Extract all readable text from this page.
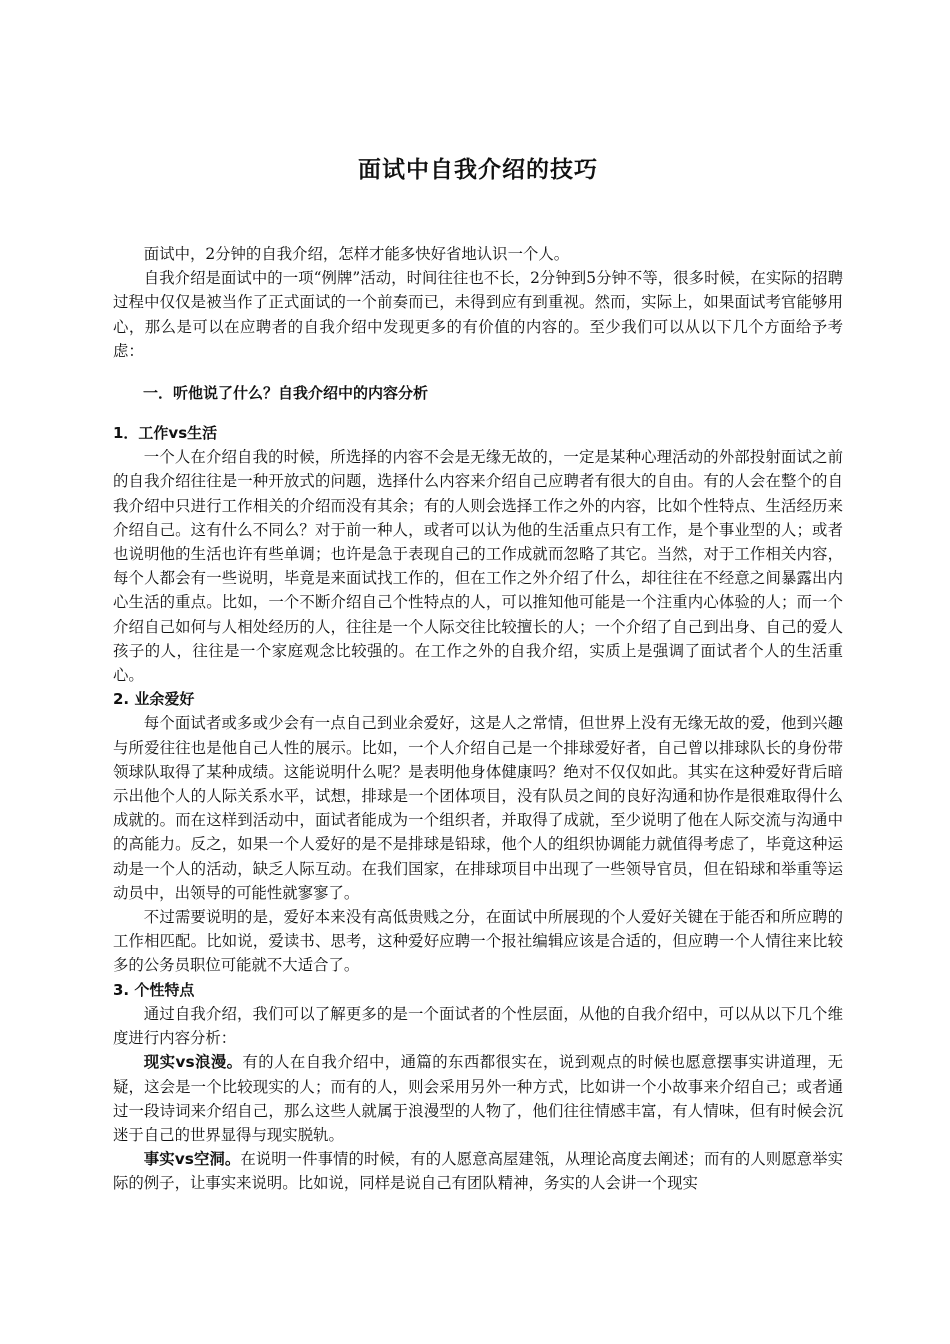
面试中自我介绍的技巧

面试中，2分钟的自我介绍，怎样才能多快好省地认识一个人。

自我介绍是面试中的一项“例牌”活动，时间往往也不长，2分钟到5分钟不等，很多时候，在实际的招聘过程中仅仅是被当作了正式面试的一个前奏而已，未得到应有到重视。然而，实际上，如果面试考官能够用心，那么是可以在应聘者的自我介绍中发现更多的有价值的内容的。至少我们可以从以下几个方面给予考虑：

一．听他说了什么？自我介绍中的内容分析
1．工作vs生活

一个人在介绍自我的时候，所选择的内容不会是无缘无故的，一定是某种心理活动的外部投射面试之前的自我介绍往往是一种开放式的问题，选择什么内容来介绍自己应聘者有很大的自由。有的人会在整个的自我介绍中只进行工作相关的介绍而没有其余；有的人则会选择工作之外的内容，比如个性特点、生活经历来介绍自己。这有什么不同么？对于前一种人，或者可以认为他的生活重点只有工作，是个事业型的人；或者也说明他的生活也许有些单调；也许是急于表现自己的工作成就而忽略了其它。当然，对于工作相关内容，每个人都会有一些说明，毕竟是来面试找工作的，但在工作之外介绍了什么，却往往在不经意之间暴露出内心生活的重点。比如，一个不断介绍自己个性特点的人，可以推知他可能是一个注重内心体验的人；而一个介绍自己如何与人相处经历的人，往往是一个人际交往比较擅长的人；一个介绍了自己到出身、自己的爱人孩子的人，往往是一个家庭观念比较强的。在工作之外的自我介绍，实质上是强调了面试者个人的生活重心。

2. 业余爱好

每个面试者或多或少会有一点自己到业余爱好，这是人之常情，但世界上没有无缘无故的爱，他到兴趣与所爱往往也是他自己人性的展示。比如，一个人介绍自己是一个排球爱好者，自己曾以排球队长的身份带领球队取得了某种成绩。这能说明什么呢？是表明他身体健康吗？绝对不仅仅如此。其实在这种爱好背后暗示出他个人的人际关系水平，试想，排球是一个团体项目，没有队员之间的良好沟通和协作是很难取得什么成就的。而在这样到活动中，面试者能成为一个组织者，并取得了成就，至少说明了他在人际交流与沟通中的高能力。反之，如果一个人爱好的是不是排球是铅球，他个人的组织协调能力就值得考虑了，毕竟这种运动是一个人的活动，缺乏人际互动。在我们国家，在排球项目中出现了一些领导官员，但在铅球和举重等运动员中，出领导的可能性就寥寥了。

不过需要说明的是，爱好本来没有高低贵贱之分，在面试中所展现的个人爱好关键在于能否和所应聘的工作相匹配。比如说，爱读书、思考，这种爱好应聘一个报社编辑应该是合适的，但应聘一个人情往来比较多的公务员职位可能就不大适合了。

3. 个性特点

通过自我介绍，我们可以了解更多的是一个面试者的个性层面，从他的自我介绍中，可以从以下几个维度进行内容分析：

现实vs浪漫。有的人在自我介绍中，通篇的东西都很实在，说到观点的时候也愿意摆事实讲道理，无疑，这会是一个比较现实的人；而有的人，则会采用另外一种方式，比如讲一个小故事来介绍自己；或者通过一段诗词来介绍自己，那么这些人就属于浪漫型的人物了，他们往往情感丰富，有人情味，但有时候会沉迷于自己的世界显得与现实脱轨。

事实vs空洞。在说明一件事情的时候，有的人愿意高屋建瓴，从理论高度去阐述；而有的人则愿意举实际的例子，让事实来说明。比如说，同样是说自己有团队精神，务实的人会讲一个现实
